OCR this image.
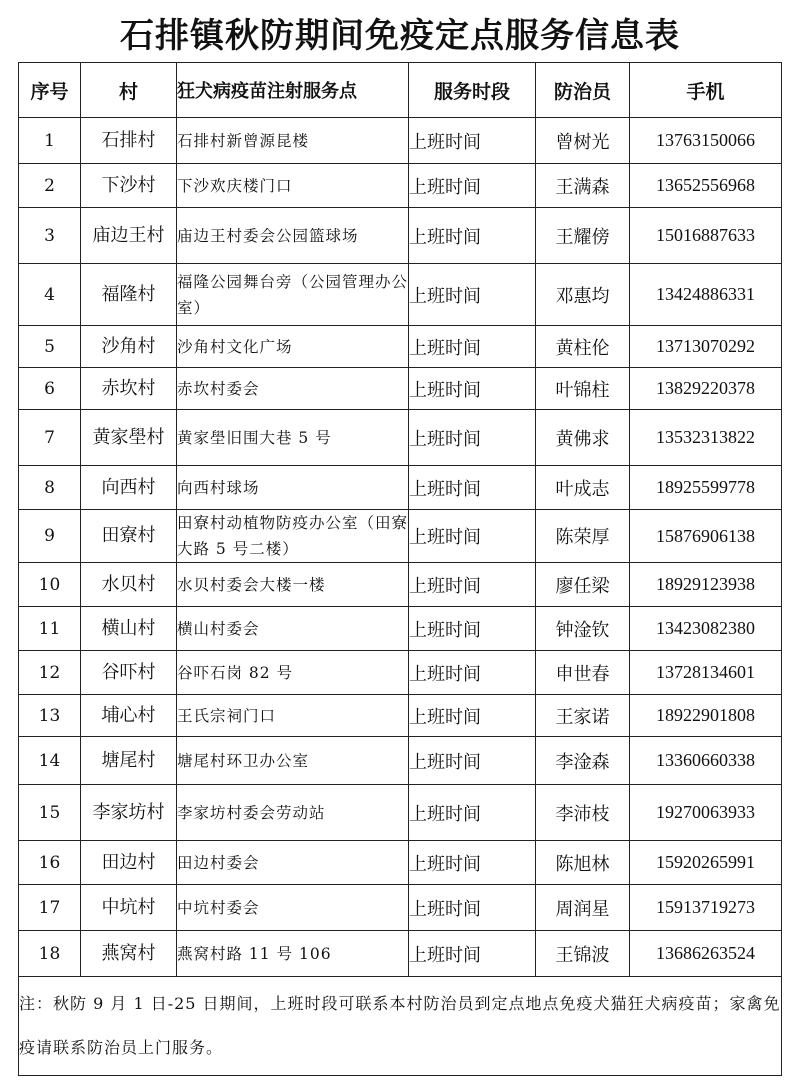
石排镇秋防期间免疫定点服务信息表
序号	村	狂犬病疫苗注射服务点	服务时段	防治员	手机
1	石排村	石排村新曾源昆楼	上班时间	曾树光	13763150066
2	下沙村	下沙欢庆楼门口	上班时间	王满森	13652556968
3	庙边王村	庙边王村委会公园篮球场	上班时间	王耀傍	15016887633
4	福隆村	福隆公园舞台旁（公园管理办公室）	上班时间	邓惠均	13424886331
5	沙角村	沙角村文化广场	上班时间	黄柱伦	13713070292
6	赤坎村	赤坎村委会	上班时间	叶锦柱	13829220378
7	黄家壆村	黄家壆旧围大巷 5 号	上班时间	黄佛求	13532313822
8	向西村	向西村球场	上班时间	叶成志	18925599778
9	田寮村	田寮村动植物防疫办公室（田寮大路 5 号二楼）	上班时间	陈荣厚	15876906138
10	水贝村	水贝村委会大楼一楼	上班时间	廖任梁	18929123938
11	横山村	横山村委会	上班时间	钟淦钦	13423082380
12	谷吓村	谷吓石岗 82 号	上班时间	申世春	13728134601
13	埔心村	王氏宗祠门口	上班时间	王家诺	18922901808
14	塘尾村	塘尾村环卫办公室	上班时间	李淦森	13360660338
15	李家坊村	李家坊村委会劳动站	上班时间	李沛枝	19270063933
16	田边村	田边村委会	上班时间	陈旭林	15920265991
17	中坑村	中坑村委会	上班时间	周润星	15913719273
18	燕窝村	燕窝村路 11 号 106	上班时间	王锦波	13686263524
注：秋防 9 月 1 日-25 日期间，上班时段可联系本村防治员到定点地点免疫犬猫狂犬病疫苗；家禽免疫请联系防治员上门服务。					
